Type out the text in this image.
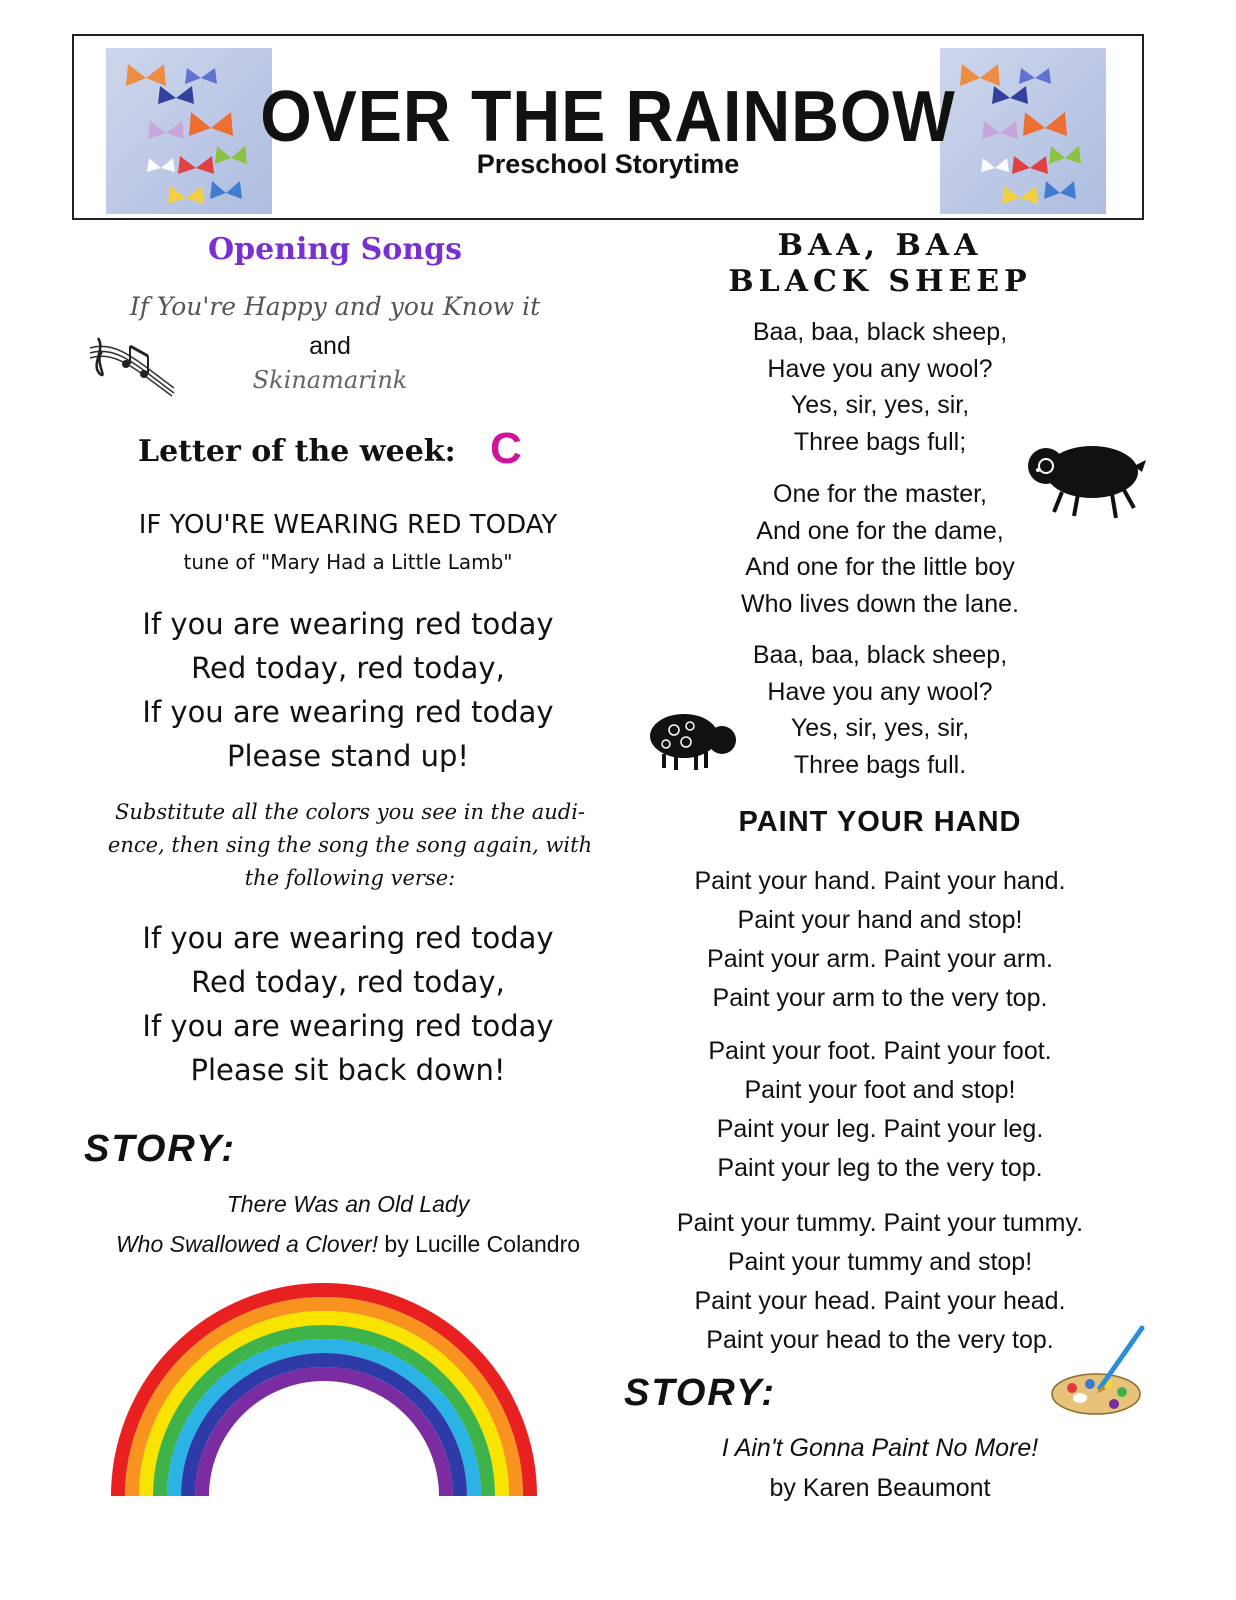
OVER THE RAINBOW
Preschool Storytime
Opening Songs
If You're Happy and you Know it
and
Skinamarink
Letter of the week: C
IF YOU'RE WEARING RED TODAY
tune of "Mary Had a Little Lamb"
If you are wearing red today
Red today, red today,
If you are wearing red today
Please stand up!
Substitute all the colors you see in the audi-
ence, then sing the song the song again, with
the following verse:
If you are wearing red today
Red today, red today,
If you are wearing red today
Please sit back down!
STORY:
There Was an Old Lady
Who Swallowed a Clover! by Lucille Colandro
BAA, BAA
BLACK SHEEP
Baa, baa, black sheep,
Have you any wool?
Yes, sir, yes, sir,
Three bags full;
One for the master,
And one for the dame,
And one for the little boy
Who lives down the lane.
Baa, baa, black sheep,
Have you any wool?
Yes, sir, yes, sir,
Three bags full.
PAINT YOUR HAND
Paint your hand. Paint your hand.
Paint your hand and stop!
Paint your arm. Paint your arm.
Paint your arm to the very top.
Paint your foot. Paint your foot.
Paint your foot and stop!
Paint your leg. Paint your leg.
Paint your leg to the very top.
Paint your tummy. Paint your tummy.
Paint your tummy and stop!
Paint your head. Paint your head.
Paint your head to the very top.
STORY:
I Ain't Gonna Paint No More!
by Karen Beaumont
